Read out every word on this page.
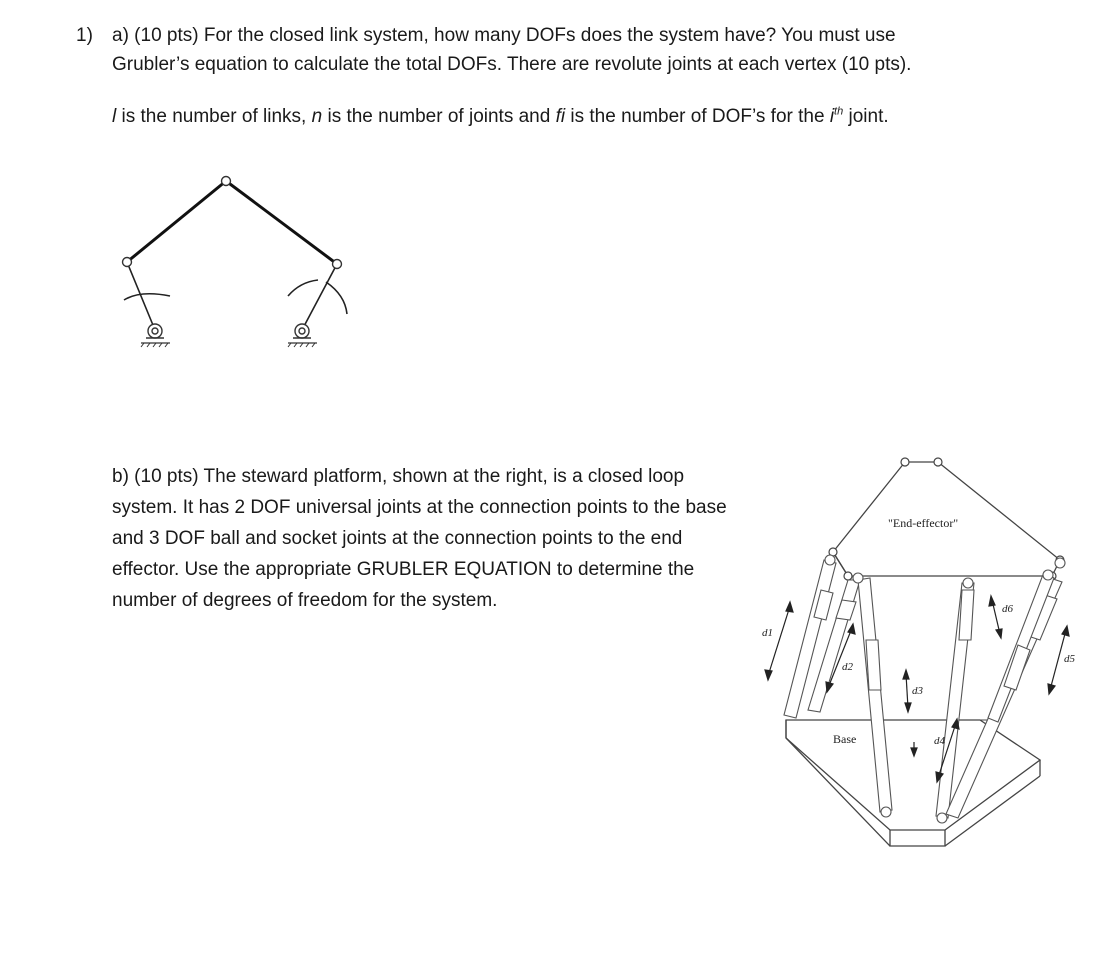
1) a) (10 pts) For the closed link system, how many DOFs does the system have? You must use
Grubler’s equation to calculate the total DOFs. There are revolute joints at each vertex (10 pts).
l is the number of links, n is the number of joints and fi is the number of DOF’s for the $i^{th}$ joint.
b) (10 pts) The steward platform, shown at the right, is a closed loop
system. It has 2 DOF universal joints at the connection points to the base
and 3 DOF ball and socket joints at the connection points to the end
effector. Use the appropriate GRUBLER EQUATION to determine the
number of degrees of freedom for the system.
"End-effector"
Base
d1
d2
d3
d4
d5
d6
